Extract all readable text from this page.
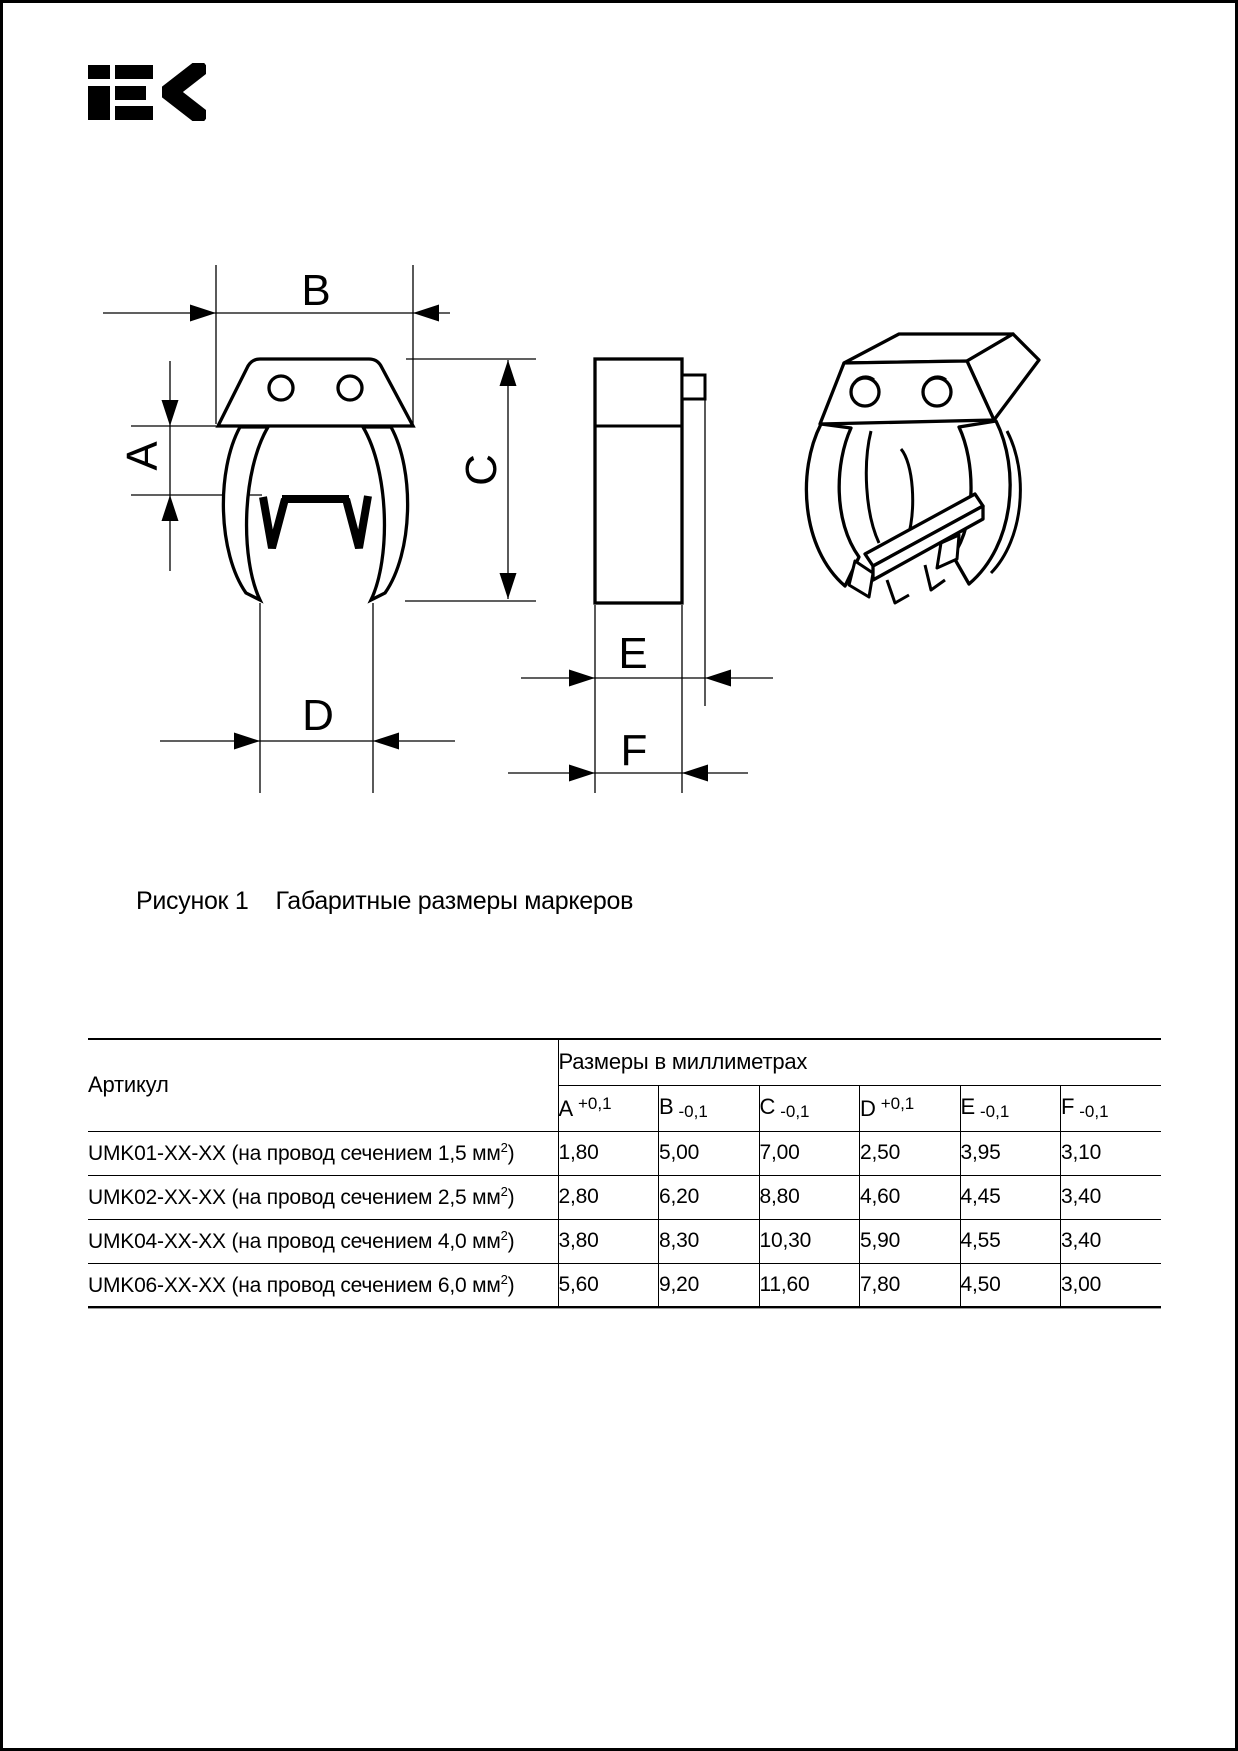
B
A	C
D
E
F
Рисунок 1 Габаритные размеры маркеров
Артикул	Размеры в миллиметрах					
	A $^{+0,1}$	B -0,1	C -0,1	D $^{+0,1}$	E -0,1	F -0,1
UMK01-XX-XX (на провод сечением 1,5 $мм^2$)	1,80	5,00	7,00	2,50	3,95	3,10
UMK02-XX-XX (на провод сечением 2,5 $мм^2$)	2,80	6,20	8,80	4,60	4,45	3,40
UMK04-XX-XX (на провод сечением 4,0 $мм^2$)	3,80	8,30	10,30	5,90	4,55	3,40
UMK06-XX-XX (на провод сечением 6,0 $мм^2$)	5,60	9,20	11,60	7,80	4,50	3,00
